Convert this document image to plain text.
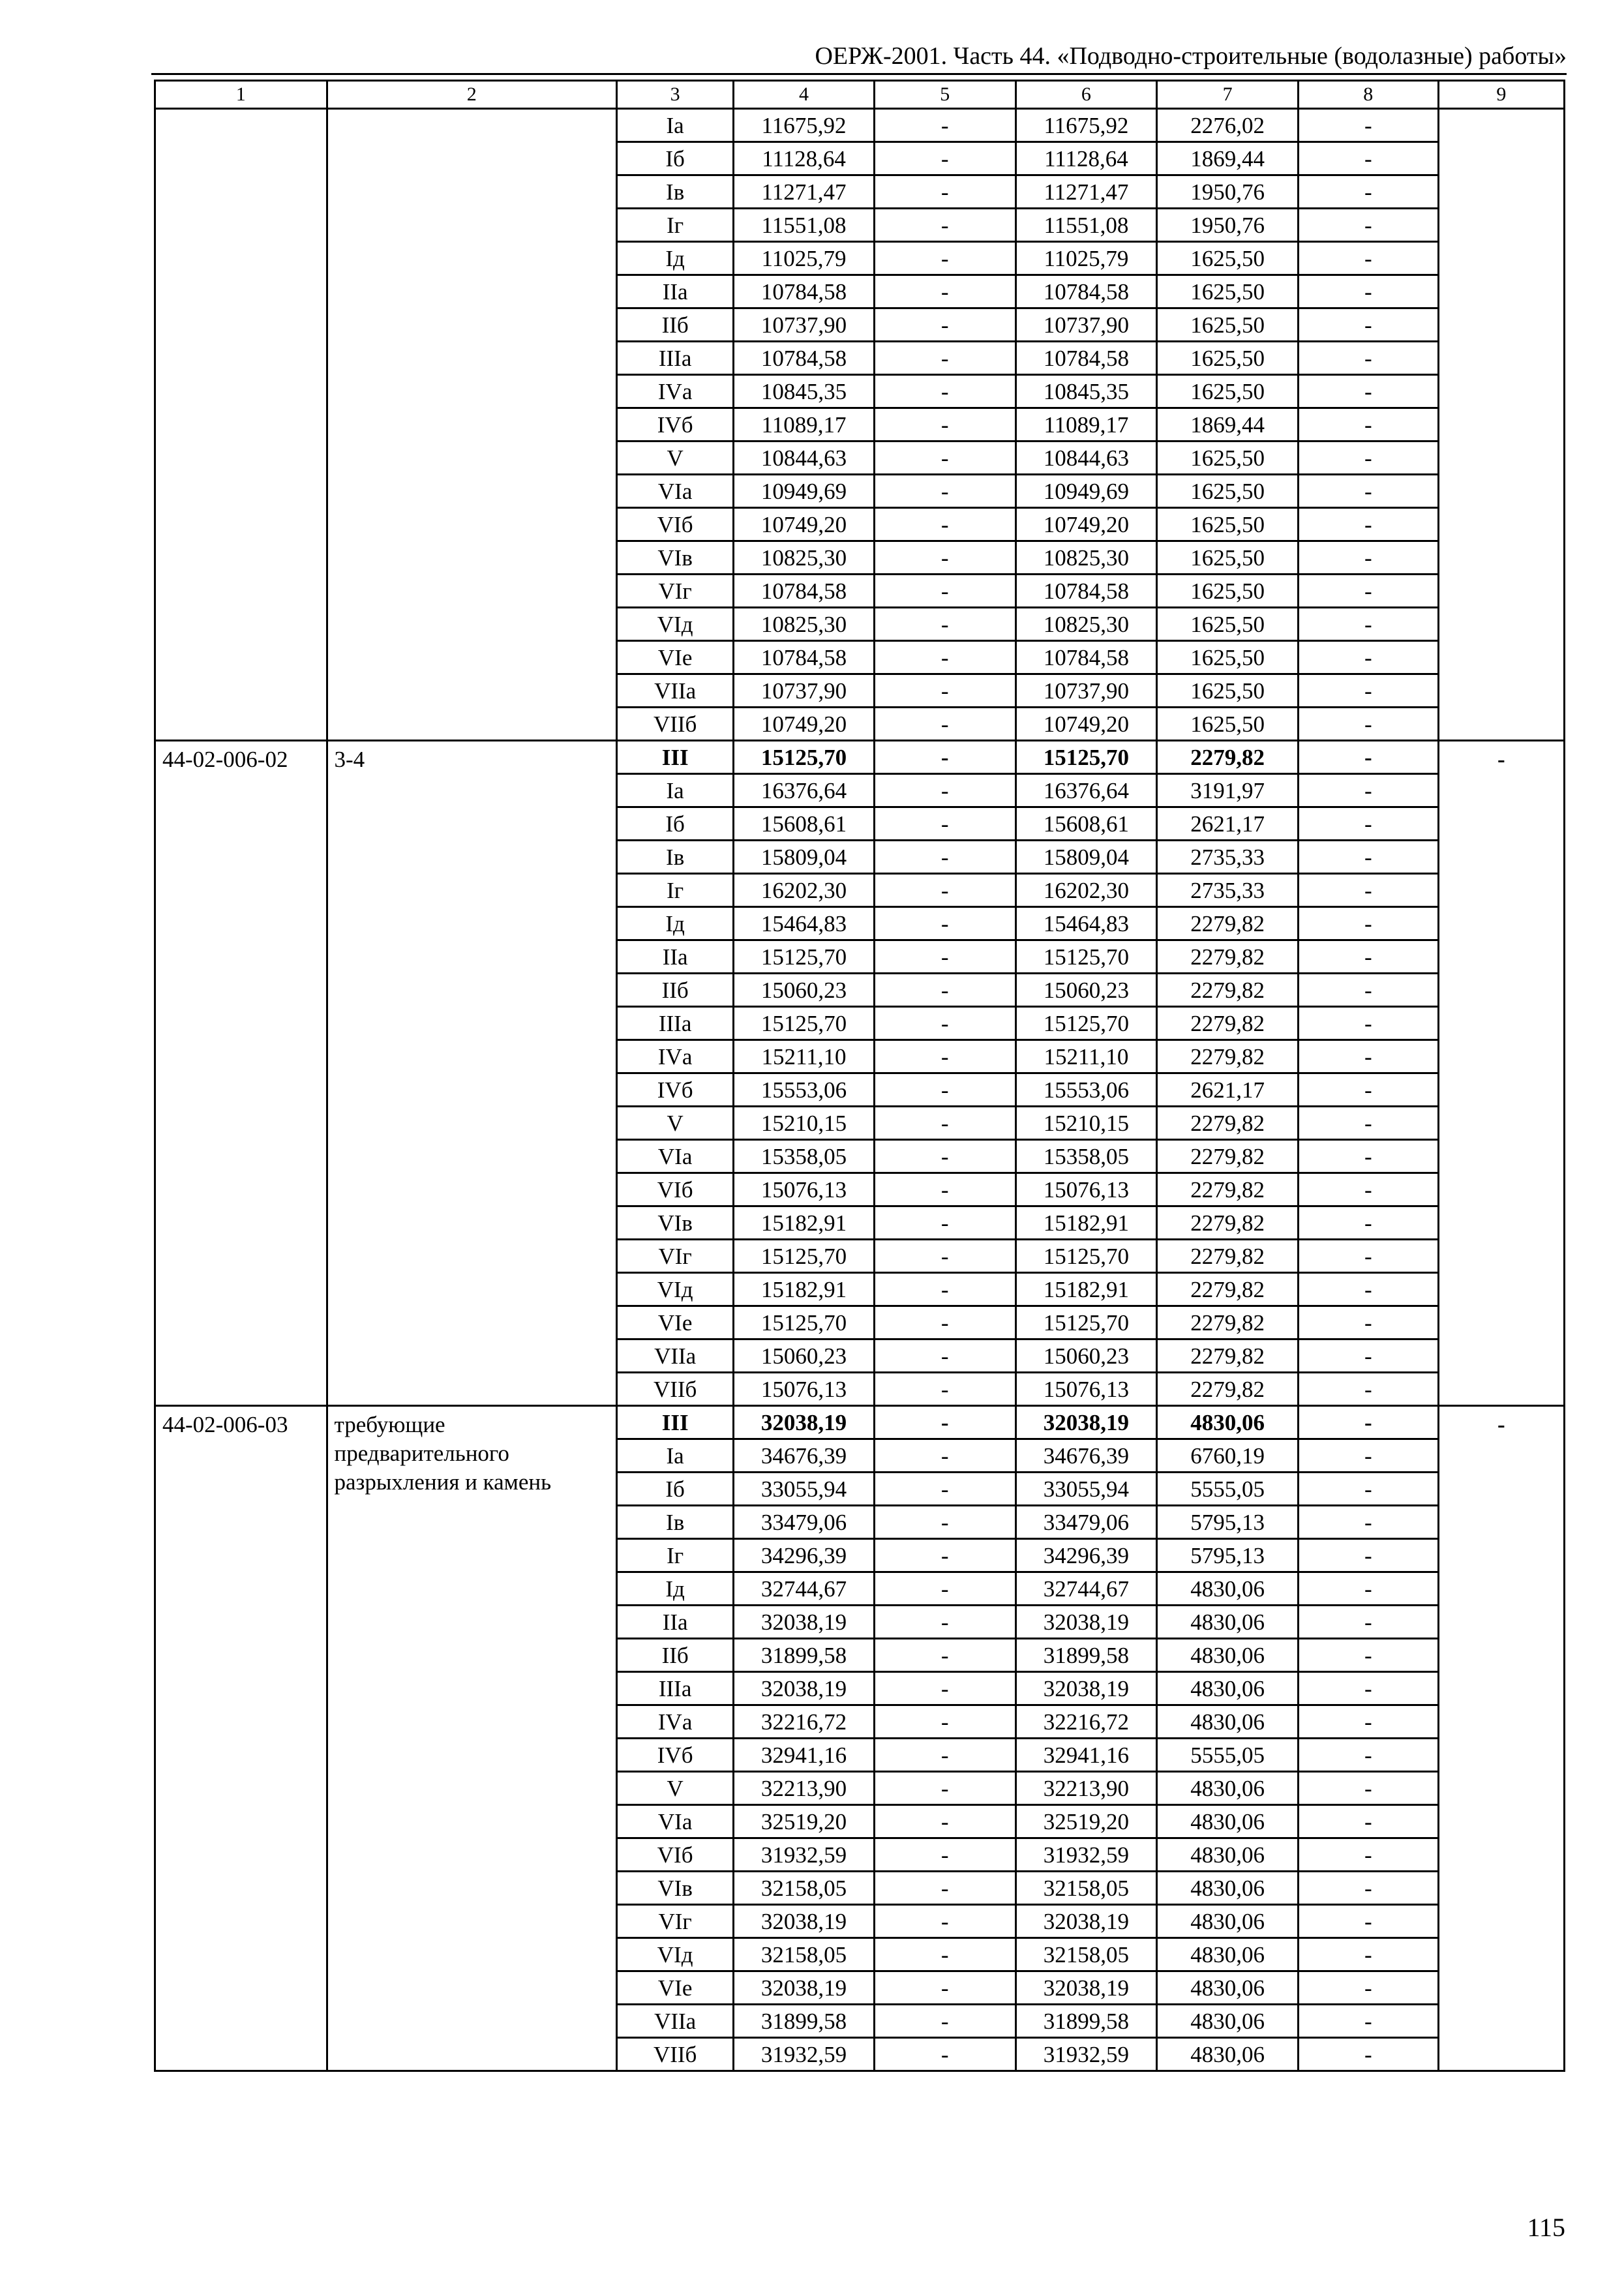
ОЕРЖ-2001. Часть 44. «Подводно-строительные (водолазные) работы»
1	2	3	4	5	6	7	8	9
		Iа	11675,92	-	11675,92	2276,02	-	
		Iб	11128,64	-	11128,64	1869,44	-	
		Iв	11271,47	-	11271,47	1950,76	-	
		Iг	11551,08	-	11551,08	1950,76	-	
		Iд	11025,79	-	11025,79	1625,50	-	
		IIа	10784,58	-	10784,58	1625,50	-	
		IIб	10737,90	-	10737,90	1625,50	-	
		IIIа	10784,58	-	10784,58	1625,50	-	
		IVа	10845,35	-	10845,35	1625,50	-	
		IVб	11089,17	-	11089,17	1869,44	-	
		V	10844,63	-	10844,63	1625,50	-	
		VIа	10949,69	-	10949,69	1625,50	-	
		VIб	10749,20	-	10749,20	1625,50	-	
		VIв	10825,30	-	10825,30	1625,50	-	
		VIг	10784,58	-	10784,58	1625,50	-	
		VIд	10825,30	-	10825,30	1625,50	-	
		VIе	10784,58	-	10784,58	1625,50	-	
		VIIа	10737,90	-	10737,90	1625,50	-	
		VIIб	10749,20	-	10749,20	1625,50	-	
44-02-006-02	3-4	III	15125,70	-	15125,70	2279,82	-	-
		Iа	16376,64	-	16376,64	3191,97	-	
		Iб	15608,61	-	15608,61	2621,17	-	
		Iв	15809,04	-	15809,04	2735,33	-	
		Iг	16202,30	-	16202,30	2735,33	-	
		Iд	15464,83	-	15464,83	2279,82	-	
		IIа	15125,70	-	15125,70	2279,82	-	
		IIб	15060,23	-	15060,23	2279,82	-	
		IIIа	15125,70	-	15125,70	2279,82	-	
		IVа	15211,10	-	15211,10	2279,82	-	
		IVб	15553,06	-	15553,06	2621,17	-	
		V	15210,15	-	15210,15	2279,82	-	
		VIа	15358,05	-	15358,05	2279,82	-	
		VIб	15076,13	-	15076,13	2279,82	-	
		VIв	15182,91	-	15182,91	2279,82	-	
		VIг	15125,70	-	15125,70	2279,82	-	
		VIд	15182,91	-	15182,91	2279,82	-	
		VIе	15125,70	-	15125,70	2279,82	-	
		VIIа	15060,23	-	15060,23	2279,82	-	
		VIIб	15076,13	-	15076,13	2279,82	-	
44-02-006-03	требующие предварительного разрыхления и камень	III	32038,19	-	32038,19	4830,06	-	-
		Iа	34676,39	-	34676,39	6760,19	-	
		Iб	33055,94	-	33055,94	5555,05	-	
		Iв	33479,06	-	33479,06	5795,13	-	
		Iг	34296,39	-	34296,39	5795,13	-	
		Iд	32744,67	-	32744,67	4830,06	-	
		IIа	32038,19	-	32038,19	4830,06	-	
		IIб	31899,58	-	31899,58	4830,06	-	
		IIIа	32038,19	-	32038,19	4830,06	-	
		IVа	32216,72	-	32216,72	4830,06	-	
		IVб	32941,16	-	32941,16	5555,05	-	
		V	32213,90	-	32213,90	4830,06	-	
		VIа	32519,20	-	32519,20	4830,06	-	
		VIб	31932,59	-	31932,59	4830,06	-	
		VIв	32158,05	-	32158,05	4830,06	-	
		VIг	32038,19	-	32038,19	4830,06	-	
		VIд	32158,05	-	32158,05	4830,06	-	
		VIе	32038,19	-	32038,19	4830,06	-	
		VIIа	31899,58	-	31899,58	4830,06	-	
		VIIб	31932,59	-	31932,59	4830,06	-	
115
